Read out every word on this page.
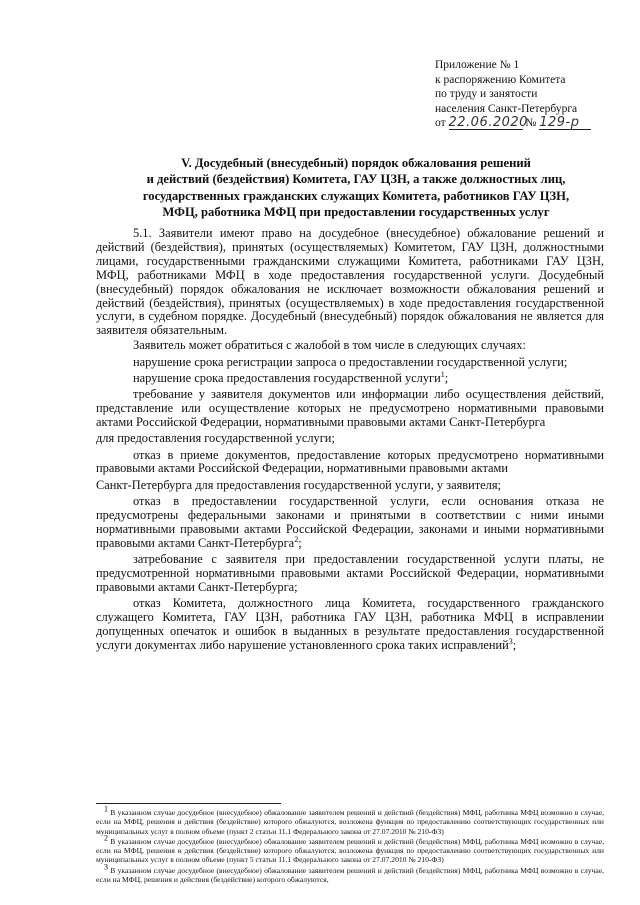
Приложение № 1
к распоряжению Комитета
по труду и занятости
населения Санкт-Петербурга
от 22.06.2020 № 129-р
V. Досудебный (внесудебный) порядок обжалования решений
и действий (бездействия) Комитета, ГАУ ЦЗН, а также должностных лиц,
государственных гражданских служащих Комитета, работников ГАУ ЦЗН,
МФЦ, работника МФЦ при предоставлении государственных услуг

5.1. Заявители имеют право на досудебное (внесудебное) обжалование решений и действий (бездействия), принятых (осуществляемых) Комитетом, ГАУ ЦЗН, должностными лицами, государственными гражданскими служащими Комитета, работниками ГАУ ЦЗН, МФЦ, работниками МФЦ в ходе предоставления государственной услуги. Досудебный (внесудебный) порядок обжалования не исключает возможности обжалования решений и действий (бездействия), принятых (осуществляемых) в ходе предоставления государственной услуги, в судебном порядке. Досудебный (внесудебный) порядок обжалования не является для заявителя обязательным.

Заявитель может обратиться с жалобой в том числе в следующих случаях:

нарушение срока регистрации запроса о предоставлении государственной услуги;

нарушение срока предоставления государственной услуги$^1$;

требование у заявителя документов или информации либо осуществления действий, представление или осуществление которых не предусмотрено нормативными правовыми актами Российской Федерации, нормативными правовыми актами Санкт-Петербурга

для предоставления государственной услуги;

отказ в приеме документов, предоставление которых предусмотрено нормативными правовыми актами Российской Федерации, нормативными правовыми актами

Санкт-Петербурга для предоставления государственной услуги, у заявителя;

отказ в предоставлении государственной услуги, если основания отказа не предусмотрены федеральными законами и принятыми в соответствии с ними иными нормативными правовыми актами Российской Федерации, законами и иными нормативными правовыми актами Санкт-Петербурга$^2$;

затребование с заявителя при предоставлении государственной услуги платы, не предусмотренной нормативными правовыми актами Российской Федерации, нормативными правовыми актами Санкт-Петербурга;

отказ Комитета, должностного лица Комитета, государственного гражданского служащего Комитета, ГАУ ЦЗН, работника ГАУ ЦЗН, работника МФЦ в исправлении допущенных опечаток и ошибок в выданных в результате предоставления государственной услуги документах либо нарушение установленного срока таких исправлений$^3$;

$^1$ В указанном случае досудебное (внесудебное) обжалование заявителем решений и действий (бездействия) МФЦ, работника МФЦ возможно в случае, если на МФЦ, решения и действия (бездействие) которого обжалуются, возложена функция по предоставлению соответствующих государственных или муниципальных услуг в полном объеме (пункт 2 статьи 11.1 Федерального закона от 27.07.2010 № 210-ФЗ)

$^2$ В указанном случае досудебное (внесудебное) обжалование заявителем решений и действий (бездействия) МФЦ, работника МФЦ возможно в случае, если на МФЦ, решения и действия (бездействие) которого обжалуются, возложена функция по предоставлению соответствующих государственных или муниципальных услуг в полном объеме (пункт 5 статьи 11.1 Федерального закона от 27.07.2010 № 210-ФЗ)

$^3$ В указанном случае досудебное (внесудебное) обжалование заявителем решений и действий (бездействия) МФЦ, работника МФЦ возможно в случае, если на МФЦ, решения и действия (бездействие) которого обжалуются,
